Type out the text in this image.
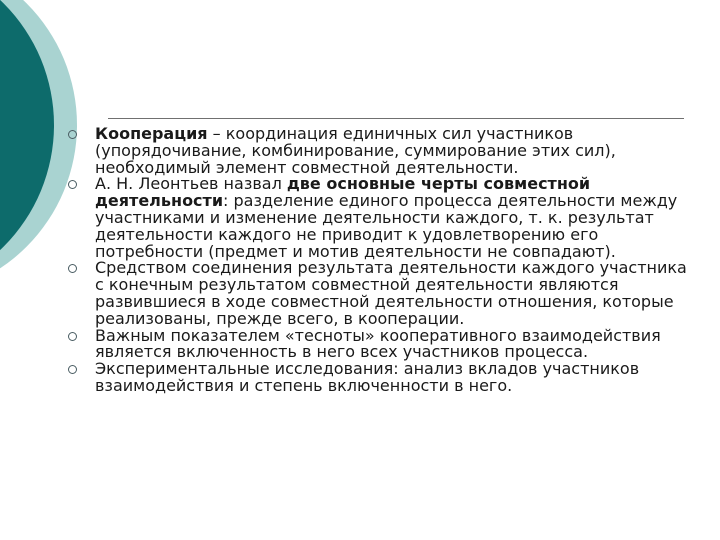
Кооперация – координация единичных сил участников (упорядочивание, комбинирование, суммирование этих сил), необходимый элемент совместной деятельности.
А. Н. Леонтьев назвал две основные черты совместной деятельности: разделение единого процесса деятельности между участниками и изменение деятельности каждого, т. к. результат деятельности каждого не приводит к удовлетворению его потребности (предмет и мотив деятельности не совпадают).
Средством соединения результата деятельности каждого участника с конечным результатом совместной деятельности являются развившиеся в ходе совместной деятельности отношения, которые реализованы, прежде всего, в кооперации.
Важным показателем «тесноты» кооперативного взаимодействия является включенность в него всех участников процесса.
Экспериментальные исследования: анализ вкладов участников взаимодействия и степень включенности в него.
